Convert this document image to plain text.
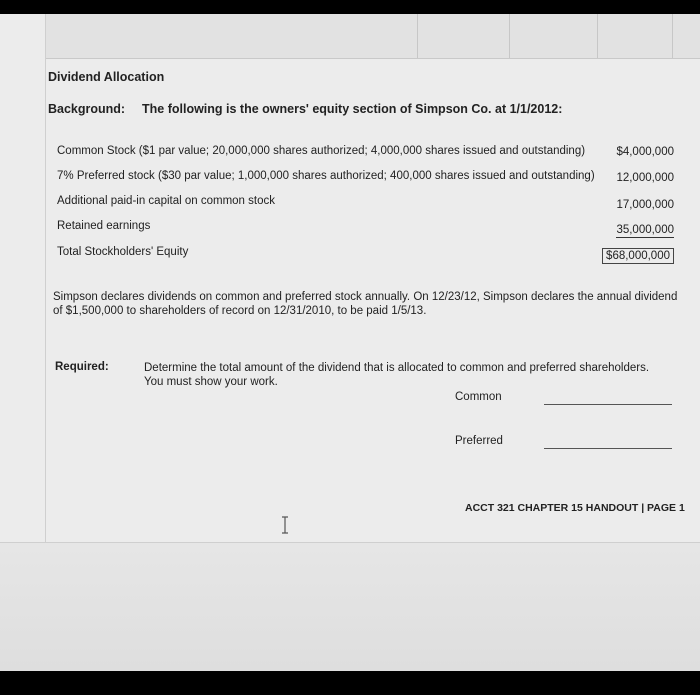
Dividend Allocation
Background: The following is the owners' equity section of Simpson Co. at 1/1/2012:
Common Stock ($1 par value; 20,000,000 shares authorized; 4,000,000 shares issued and outstanding)	$4,000,000
7% Preferred stock ($30 par value; 1,000,000 shares authorized; 400,000 shares issued and outstanding) 12,000,000
Additional paid-in capital on common stock	17,000,000
Retained earnings	35,000,000
Total Stockholders' Equity	$68,000,000
Simpson declares dividends on common and preferred stock annually. On 12/23/12, Simpson declares the annual dividend of $1,500,000 to shareholders of record on 12/31/2010, to be paid 1/5/13.
Required:	Determine the total amount of the dividend that is allocated to common and preferred shareholders. You must show your work.
Common
Preferred
ACCT 321 CHAPTER 15 HANDOUT | PAGE 1
